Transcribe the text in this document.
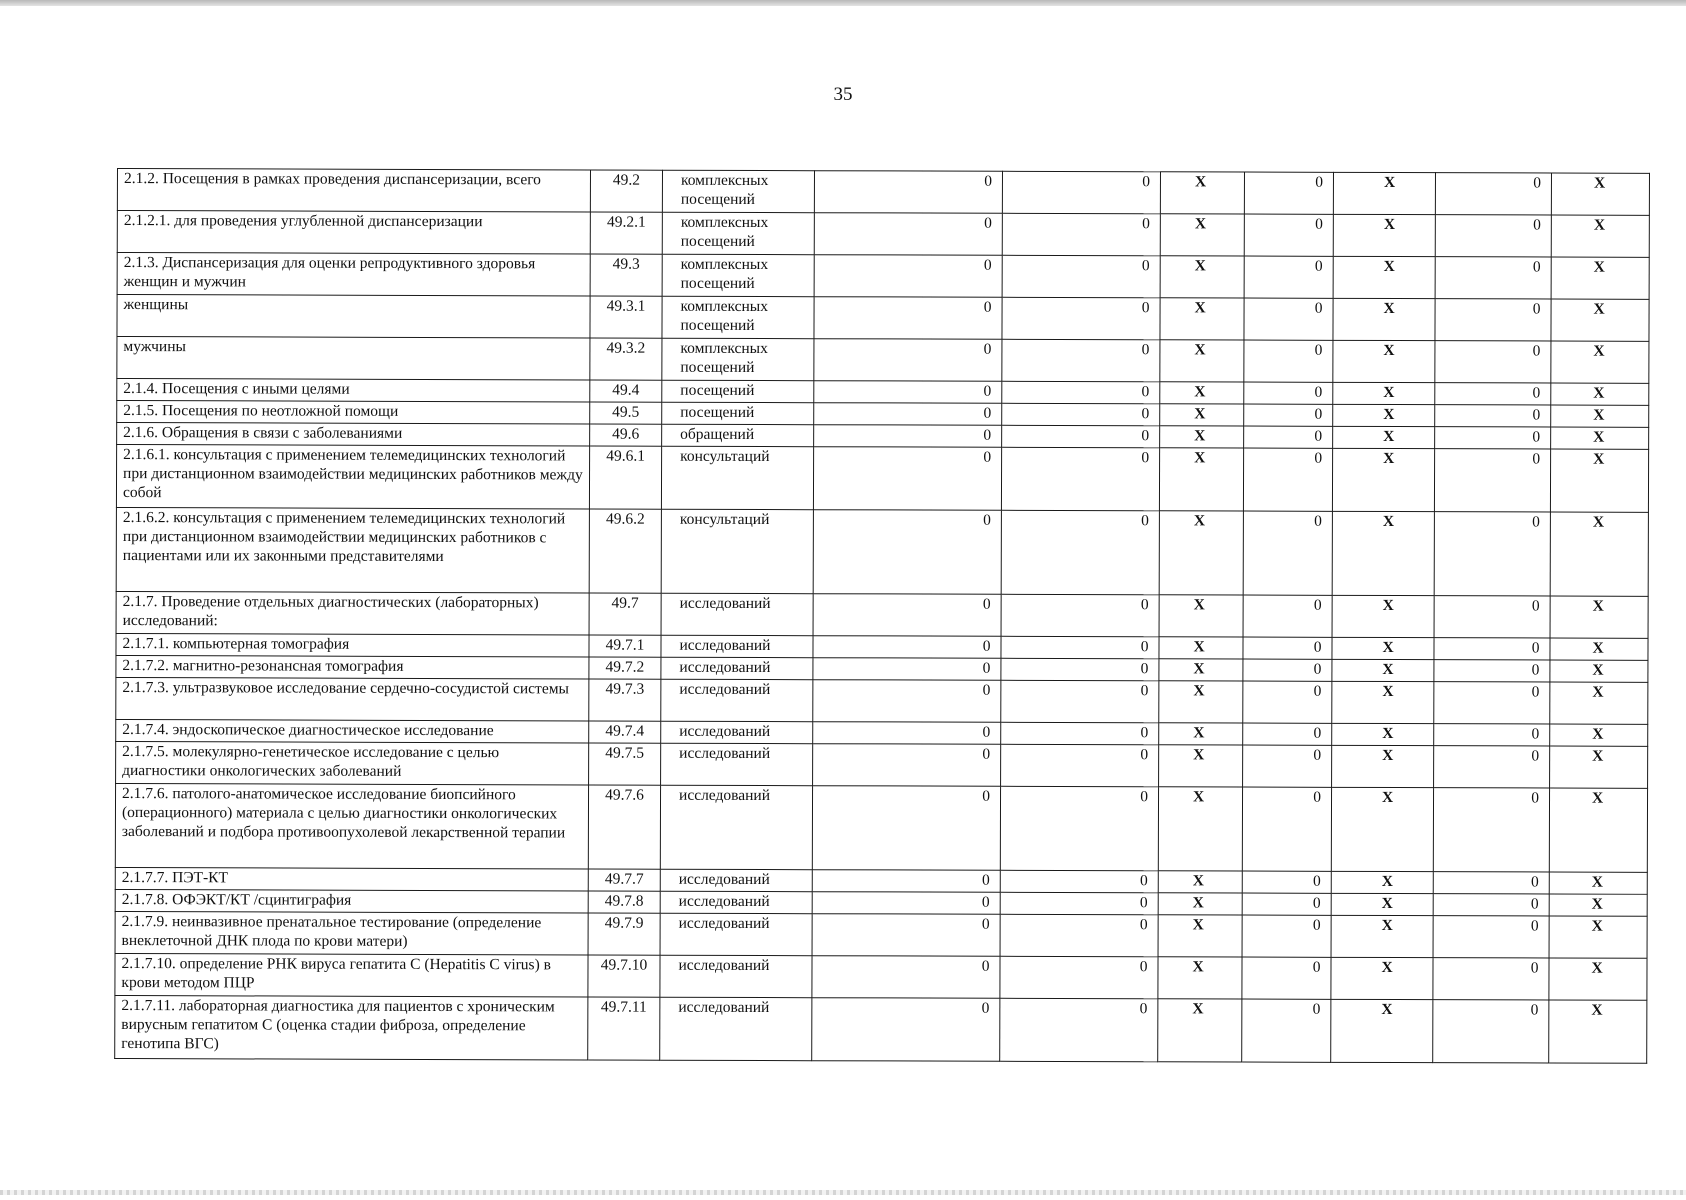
35
2.1.2. Посещения в рамках проведения диспансеризации, всего	49.2	комплексных посещений	0	0	X	0	X	0	X
2.1.2.1. для проведения углубленной диспансеризации	49.2.1	комплексных посещений	0	0	X	0	X	0	X
2.1.3. Диспансеризация для оценки репродуктивного здоровья женщин и мужчин	49.3	комплексных посещений	0	0	X	0	X	0	X
женщины	49.3.1	комплексных посещений	0	0	X	0	X	0	X
мужчины	49.3.2	комплексных посещений	0	0	X	0	X	0	X
2.1.4. Посещения с иными целями	49.4	посещений	0	0	X	0	X	0	X
2.1.5. Посещения по неотложной помощи	49.5	посещений	0	0	X	0	X	0	X
2.1.6. Обращения в связи с заболеваниями	49.6	обращений	0	0	X	0	X	0	X
2.1.6.1. консультация с применением телемедицинских технологий при дистанционном взаимодействии медицинских работников между собой	49.6.1	консультаций	0	0	X	0	X	0	X
2.1.6.2. консультация с применением телемедицинских технологий при дистанционном взаимодействии медицинских работников с пациентами или их законными представителями	49.6.2	консультаций	0	0	X	0	X	0	X
2.1.7. Проведение отдельных диагностических (лабораторных) исследований:	49.7	исследований	0	0	X	0	X	0	X
2.1.7.1. компьютерная томография	49.7.1	исследований	0	0	X	0	X	0	X
2.1.7.2. магнитно-резонансная томография	49.7.2	исследований	0	0	X	0	X	0	X
2.1.7.3. ультразвуковое исследование сердечно-сосудистой системы	49.7.3	исследований	0	0	X	0	X	0	X
2.1.7.4. эндоскопическое диагностическое исследование	49.7.4	исследований	0	0	X	0	X	0	X
2.1.7.5. молекулярно-генетическое исследование с целью диагностики онкологических заболеваний	49.7.5	исследований	0	0	X	0	X	0	X
2.1.7.6. патолого-анатомическое исследование биопсийного (операционного) материала с целью диагностики онкологических заболеваний и подбора противоопухолевой лекарственной терапии	49.7.6	исследований	0	0	X	0	X	0	X
2.1.7.7. ПЭТ-КТ	49.7.7	исследований	0	0	X	0	X	0	X
2.1.7.8. ОФЭКТ/КТ /сцинтиграфия	49.7.8	исследований	0	0	X	0	X	0	X
2.1.7.9. неинвазивное пренатальное тестирование (определение внеклеточной ДНК плода по крови матери)	49.7.9	исследований	0	0	X	0	X	0	X
2.1.7.10. определение РНК вируса гепатита С (Hepatitis C virus) в крови методом ПЦР	49.7.10	исследований	0	0	X	0	X	0	X
2.1.7.11. лабораторная диагностика для пациентов с хроническим вирусным гепатитом С (оценка стадии фиброза, определение генотипа ВГС)	49.7.11	исследований	0	0	X	0	X	0	X
